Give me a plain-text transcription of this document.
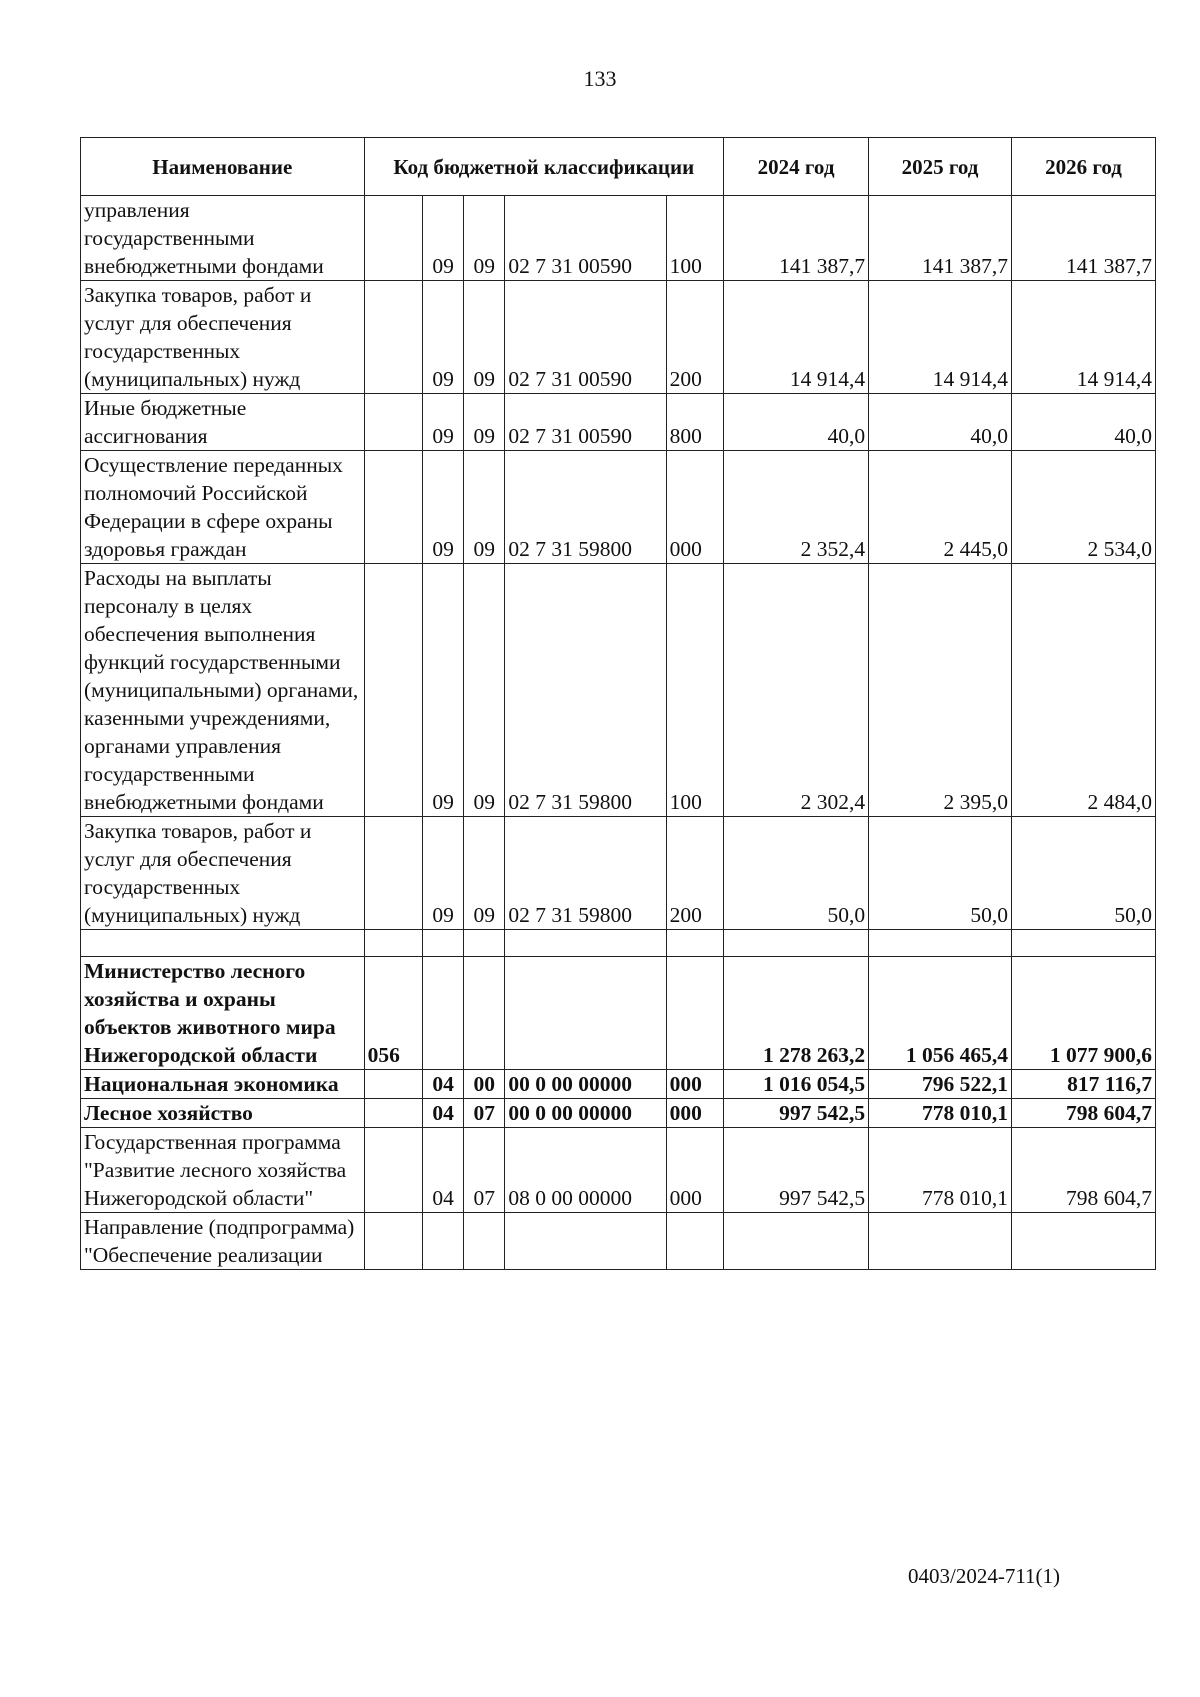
133
Наименование	Код бюджетной классификации					2024 год	2025 год	2026 год
управления государственными внебюджетными фондами		09	09	02 7 31 00590	100	141 387,7	141 387,7	141 387,7
Закупка товаров, работ и услуг для обеспечения государственных (муниципальных) нужд		09	09	02 7 31 00590	200	14 914,4	14 914,4	14 914,4
Иные бюджетные ассигнования		09	09	02 7 31 00590	800	40,0	40,0	40,0
Осуществление переданных полномочий Российской Федерации в сфере охраны здоровья граждан		09	09	02 7 31 59800	000	2 352,4	2 445,0	2 534,0
Расходы на выплаты персоналу в целях обеспечения выполнения функций государственными (муниципальными) органами, казенными учреждениями, органами управления государственными внебюджетными фондами		09	09	02 7 31 59800	100	2 302,4	2 395,0	2 484,0
Закупка товаров, работ и услуг для обеспечения государственных (муниципальных) нужд		09	09	02 7 31 59800	200	50,0	50,0	50,0

Министерство лесного хозяйства и охраны объектов животного мира Нижегородской области	056					1 278 263,2	1 056 465,4	1 077 900,6
Национальная экономика		04	00	00 0 00 00000	000	1 016 054,5	796 522,1	817 116,7
Лесное хозяйство		04	07	00 0 00 00000	000	997 542,5	778 010,1	798 604,7
Государственная программа "Развитие лесного хозяйства Нижегородской области"		04	07	08 0 00 00000	000	997 542,5	778 010,1	798 604,7
Направление (подпрограмма) "Обеспечение реализации								
0403/2024-711(1)
